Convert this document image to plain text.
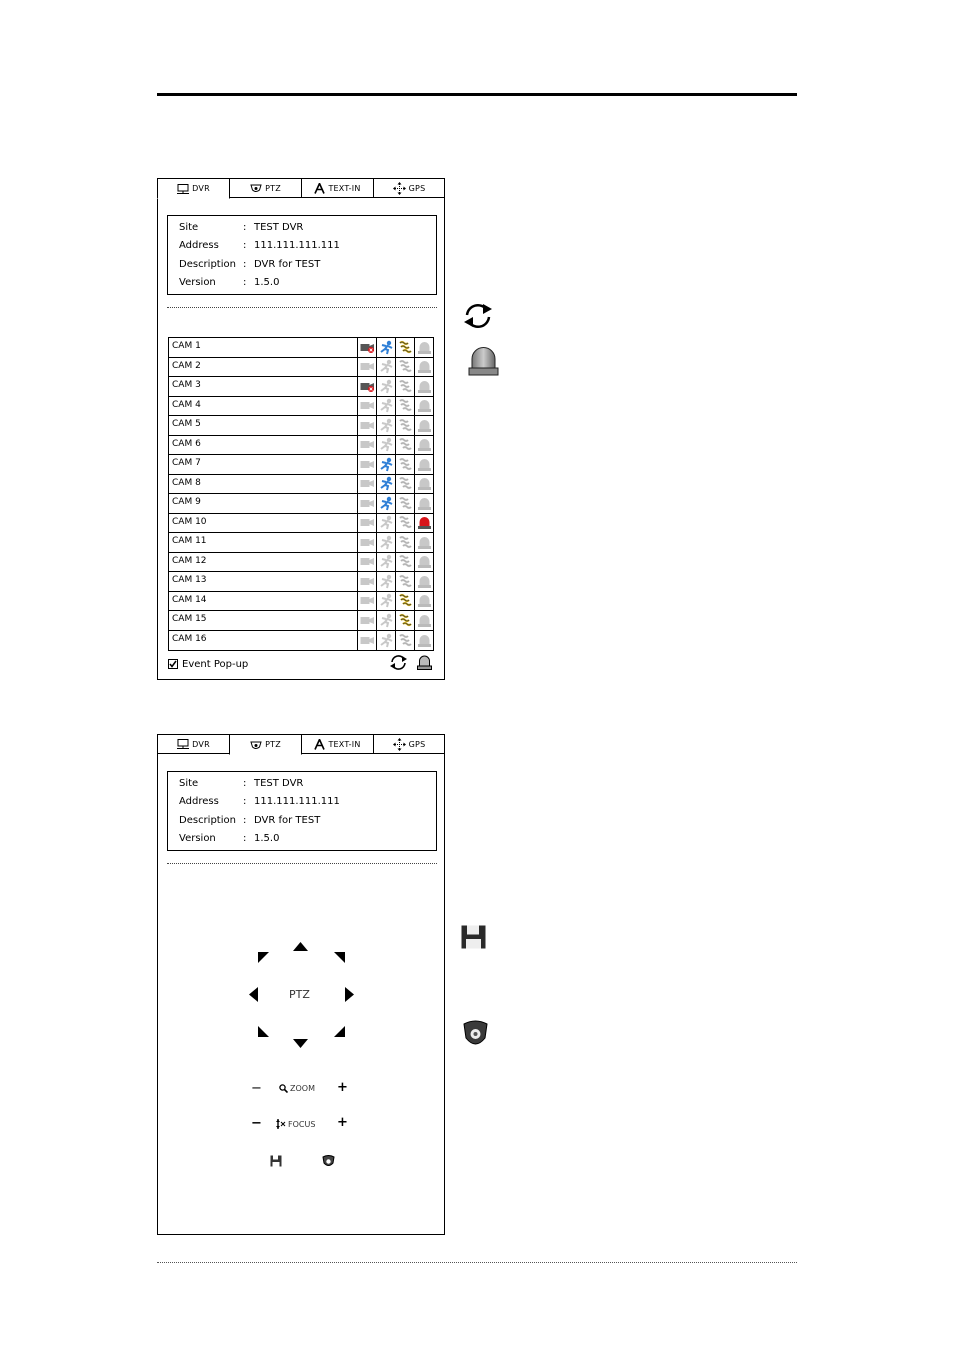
DVR	PTZ	TEXT-IN	GPS
Site	: TEST DVR
Address	: 111.111.111.111
Description : DVR for TEST
Version	: 1.5.0
CAM 1
CAM 2
CAM 3
CAM 4
CAM 5
CAM 6
CAM 7
CAM 8
CAM 9
CAM 10
CAM 11
CAM 12
CAM 13
CAM 14
CAM 15
CAM 16
Event Pop-up
DVR	PTZ	TEXT-IN	GPS
Site	: TEST DVR
Address	: 111.111.111.111
Description : DVR for TEST
Version	: 1.5.0
PTZ
−	ZOOM +
−	FOCUS +
